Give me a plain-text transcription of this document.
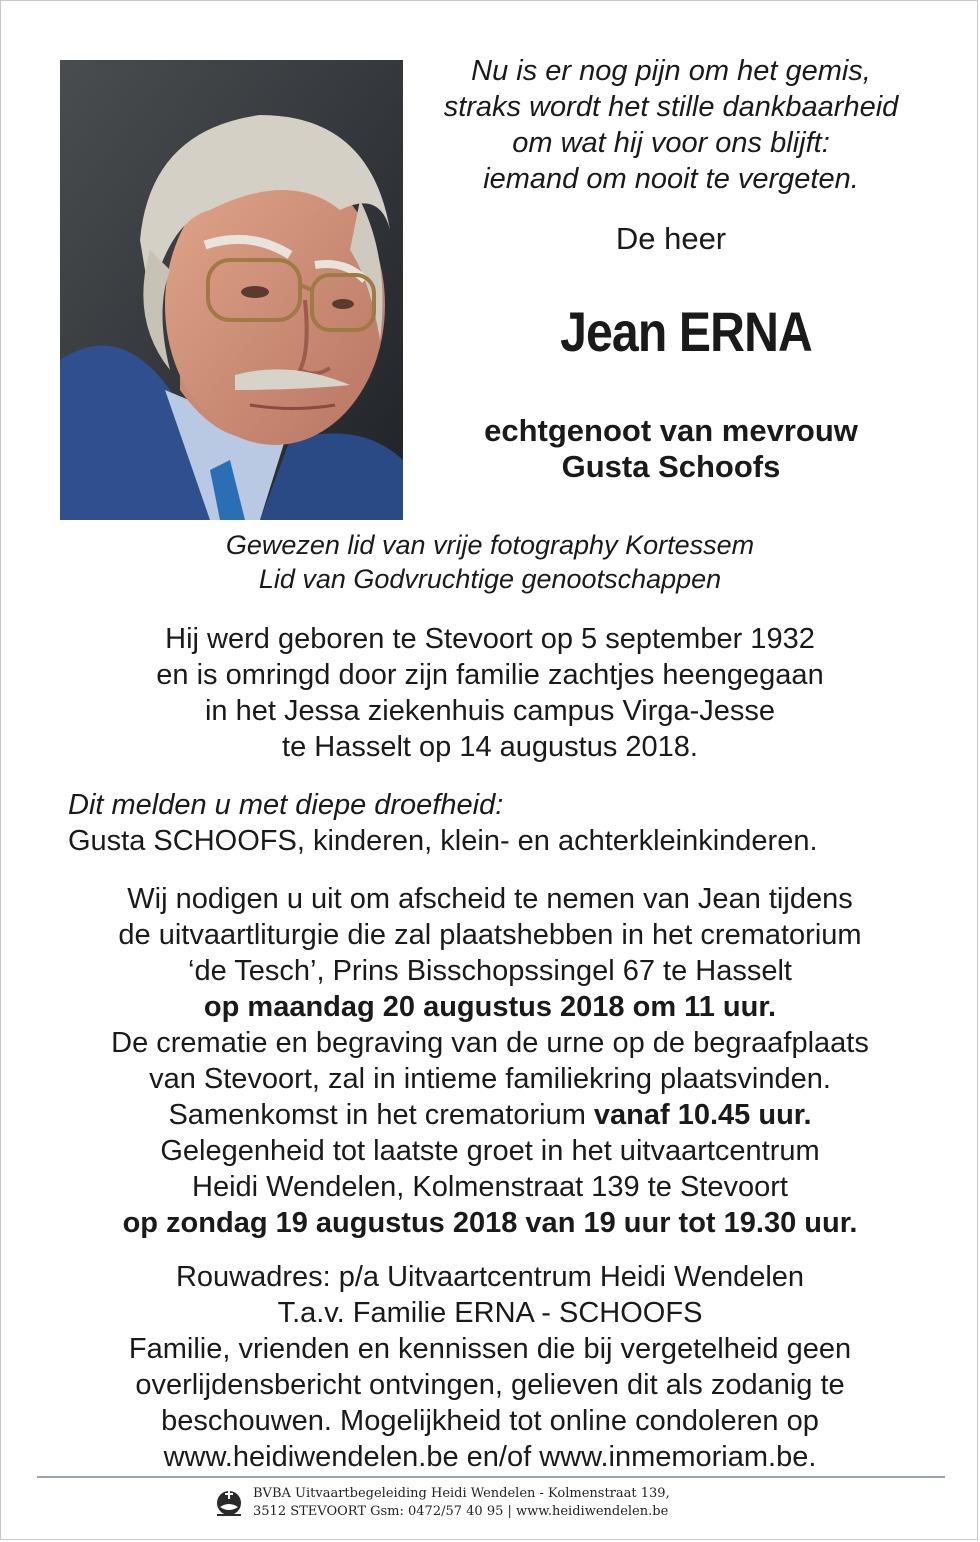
Nu is er nog pijn om het gemis,
straks wordt het stille dankbaarheid
om wat hij voor ons blijft:
iemand om nooit te vergeten.
De heer
Jean ERNA
echtgenoot van mevrouw
Gusta Schoofs
Gewezen lid van vrije fotography Kortessem
Lid van Godvruchtige genootschappen
Hij werd geboren te Stevoort op 5 september 1932
en is omringd door zijn familie zachtjes heengegaan
in het Jessa ziekenhuis campus Virga-Jesse
te Hasselt op 14 augustus 2018.
Dit melden u met diepe droefheid:
Gusta SCHOOFS, kinderen, klein- en achterkleinkinderen.
Wij nodigen u uit om afscheid te nemen van Jean tijdens
de uitvaartliturgie die zal plaatshebben in het crematorium
‘de Tesch’, Prins Bisschopssingel 67 te Hasselt
op maandag 20 augustus 2018 om 11 uur.
De crematie en begraving van de urne op de begraafplaats
van Stevoort, zal in intieme familiekring plaatsvinden.
Samenkomst in het crematorium vanaf 10.45 uur.
Gelegenheid tot laatste groet in het uitvaartcentrum
Heidi Wendelen, Kolmenstraat 139 te Stevoort
op zondag 19 augustus 2018 van 19 uur tot 19.30 uur.
Rouwadres: p/a Uitvaartcentrum Heidi Wendelen
T.a.v. Familie ERNA - SCHOOFS
Familie, vrienden en kennissen die bij vergetelheid geen
overlijdensbericht ontvingen, gelieven dit als zodanig te
beschouwen. Mogelijkheid tot online condoleren op
www.heidiwendelen.be en/of www.inmemoriam.be.
BVBA Uitvaartbegeleiding Heidi Wendelen - Kolmenstraat 139,
3512 STEVOORT Gsm: 0472/57 40 95 | www.heidiwendelen.be
